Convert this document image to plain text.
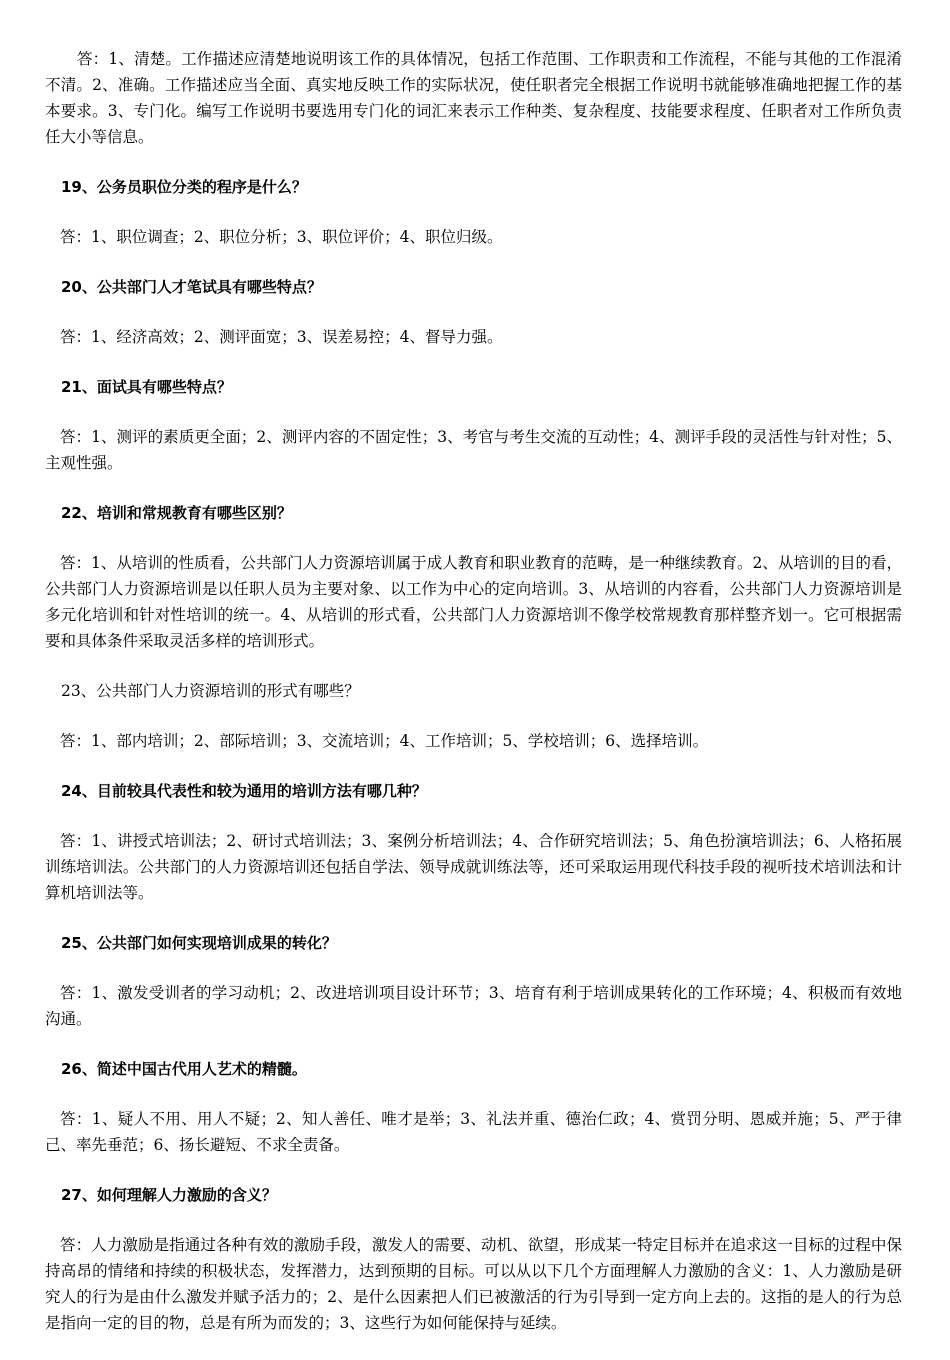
答：1、清楚。工作描述应清楚地说明该工作的具体情况，包括工作范围、工作职责和工作流程，不能与其他的工作混淆不清。2、准确。工作描述应当全面、真实地反映工作的实际状况，使任职者完全根据工作说明书就能够准确地把握工作的基本要求。3、专门化。编写工作说明书要选用专门化的词汇来表示工作种类、复杂程度、技能要求程度、任职者对工作所负责任大小等信息。

19、公务员职位分类的程序是什么？

答：1、职位调查；2、职位分析；3、职位评价；4、职位归级。

20、公共部门人才笔试具有哪些特点？

答：1、经济高效；2、测评面宽；3、误差易控；4、督导力强。

21、面试具有哪些特点？

答：1、测评的素质更全面；2、测评内容的不固定性；3、考官与考生交流的互动性；4、测评手段的灵活性与针对性；5、主观性强。

22、培训和常规教育有哪些区别？

答：1、从培训的性质看，公共部门人力资源培训属于成人教育和职业教育的范畴，是一种继续教育。2、从培训的目的看，公共部门人力资源培训是以任职人员为主要对象、以工作为中心的定向培训。3、从培训的内容看，公共部门人力资源培训是多元化培训和针对性培训的统一。4、从培训的形式看，公共部门人力资源培训不像学校常规教育那样整齐划一。它可根据需要和具体条件采取灵活多样的培训形式。

23、公共部门人力资源培训的形式有哪些？

答：1、部内培训；2、部际培训；3、交流培训；4、工作培训；5、学校培训；6、选择培训。

24、目前较具代表性和较为通用的培训方法有哪几种？

答：1、讲授式培训法；2、研讨式培训法；3、案例分析培训法；4、合作研究培训法；5、角色扮演培训法；6、人格拓展训练培训法。公共部门的人力资源培训还包括自学法、领导成就训练法等，还可采取运用现代科技手段的视听技术培训法和计算机培训法等。

25、公共部门如何实现培训成果的转化？

答：1、激发受训者的学习动机；2、改进培训项目设计环节；3、培育有利于培训成果转化的工作环境；4、积极而有效地沟通。

26、简述中国古代用人艺术的精髓。

答：1、疑人不用、用人不疑；2、知人善任、唯才是举；3、礼法并重、德治仁政；4、赏罚分明、恩威并施；5、严于律己、率先垂范；6、扬长避短、不求全责备。

27、如何理解人力激励的含义？

答：人力激励是指通过各种有效的激励手段，激发人的需要、动机、欲望，形成某一特定目标并在追求这一目标的过程中保持高昂的情绪和持续的积极状态，发挥潜力，达到预期的目标。可以从以下几个方面理解人力激励的含义：1、人力激励是研究人的行为是由什么激发并赋予活力的；2、是什么因素把人们已被激活的行为引导到一定方向上去的。这指的是人的行为总是指向一定的目的物，总是有所为而发的；3、这些行为如何能保持与延续。
